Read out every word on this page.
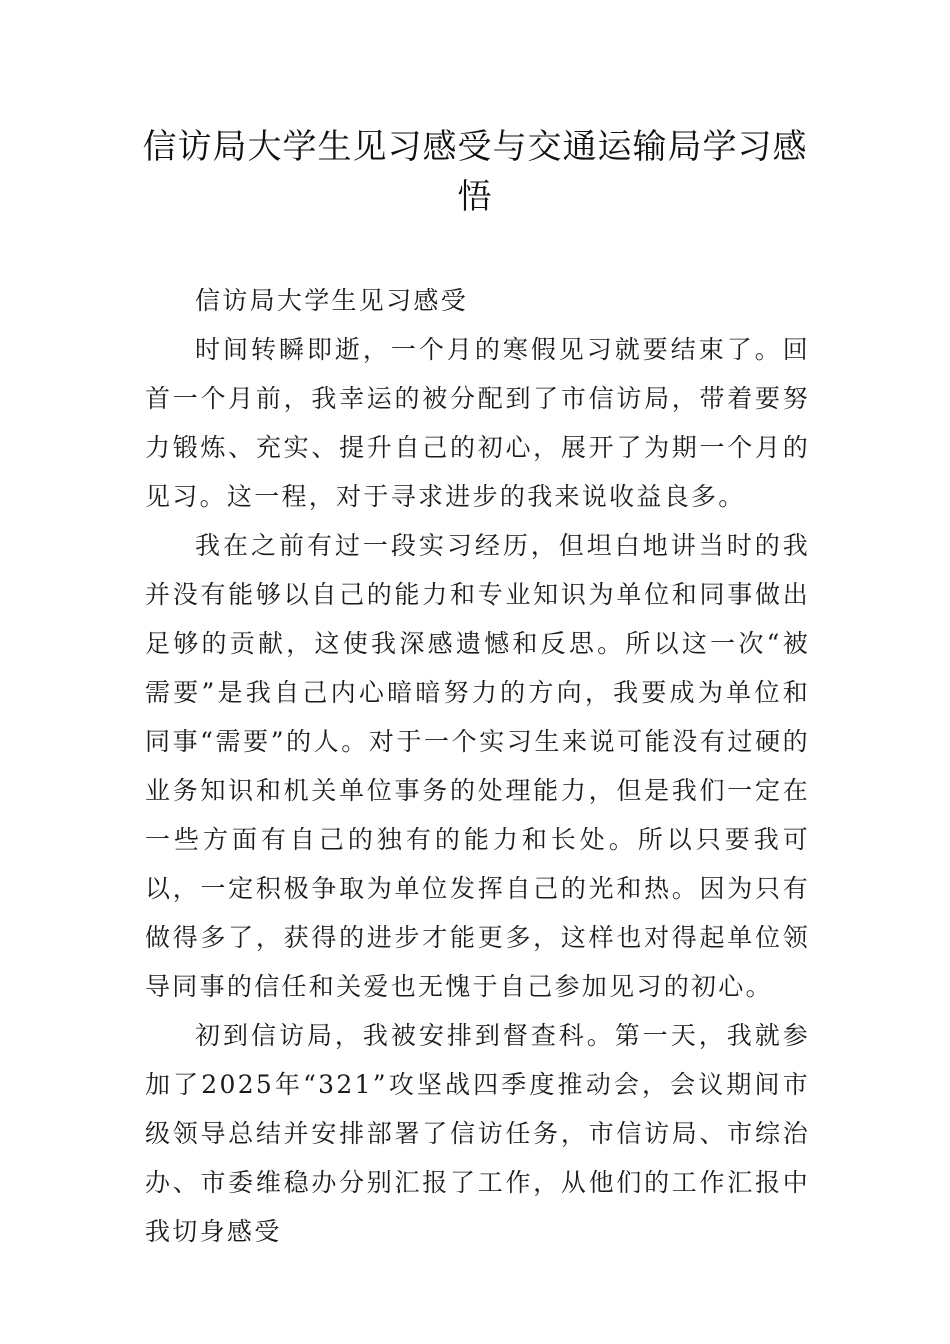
信访局大学生见习感受与交通运输局学习感悟

信访局大学生见习感受

时间转瞬即逝，一个月的寒假见习就要结束了。回首一个月前，我幸运的被分配到了市信访局，带着要努力锻炼、充实、提升自己的初心，展开了为期一个月的见习。这一程，对于寻求进步的我来说收益良多。

我在之前有过一段实习经历，但坦白地讲当时的我并没有能够以自己的能力和专业知识为单位和同事做出足够的贡献，这使我深感遗憾和反思。所以这一次“被需要”是我自己内心暗暗努力的方向，我要成为单位和同事“需要”的人。对于一个实习生来说可能没有过硬的业务知识和机关单位事务的处理能力，但是我们一定在一些方面有自己的独有的能力和长处。所以只要我可以，一定积极争取为单位发挥自己的光和热。因为只有做得多了，获得的进步才能更多，这样也对得起单位领导同事的信任和关爱也无愧于自己参加见习的初心。

初到信访局，我被安排到督查科。第一天，我就参加了2025年“321”攻坚战四季度推动会，会议期间市级领导总结并安排部署了信访任务，市信访局、市综治办、市委维稳办分别汇报了工作，从他们的工作汇报中我切身感受
